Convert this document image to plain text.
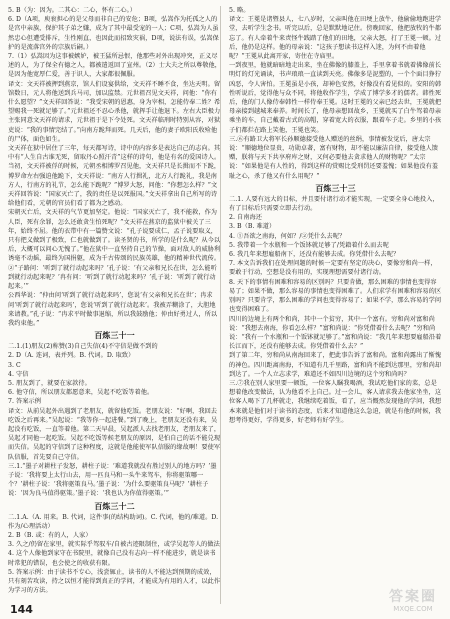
5. B（为：因为。二其心：二心，怀有二心。）

6. D（A项，庾衮担心的是父母而非自己的安危；B项，弘嵩作为托孤之人的是宫中亲族，保护其子弟之嫌，成为了其中最受宠的一人；C项，弘嵩为人虽然忠心但遭受排斥，生性刚直，也因此而招致灾祸，D项，说法有误，弘嵩保护的是流落宫外的宗族后嗣。）

7.（1）弘嵩因为这事被嫉妒，被王猛所忌恨，他那些对外出现冲突，正义尽述的人，为了保全有德之人，都被遣返回了宣州。（2）士大夫之所以尊敬他，是因为他宽厚仁爱，善于识人，大家都很佩服。

译文：文天祥被押到燕京，馆人们设宴供给，文天祥不睡不食，坐达天明。留馆数日，元人将他送到兵马司，加以监禁。元世祖召见文天祥，问他：“你有什么愿望？”文天祥回答说：“我受宋朝的恩惠，身为宰相，怎能侍奉二姓？希望赐我一死就足够了。”元世祖还不忍心杀他，就挥手让他退下。左右大臣极力主张同意文天祥的请求，元世祖于是下令处死。文天祥临刑时特别从容，对狱吏说：“我的事情完结了。”向南方跪拜而死。几天后，他的妻子欧阳氏收殓他的尸体，面色如生。

文天祥在狱中居住了三年，每天都写诗，诗中的内容多是表达自己的志向。其中有“人生自古谁无死，留取丹心照汗青”这样的诗句，他是有名的爱国诗人。当初，文天祥被俘的时候，元朝丞相博罗召见他，文天祥只是长揖而不下跪，博罗命左右强迫他跪下，文天祥说：“南方人行揖礼，北方人行跪礼，我是南方人，行南方的礼节，怎么能下跪呢？”博罗大怒，问他：“你想怎么样？”文天祥回答说：“国家灭亡了，我的责任是以死报国。”文天祥拿出自己所写的诗给他们看，元朝的官员们看了都为之感动。

宋朝灭亡后，文天祥的气节更加坚定。他说：“国家灭亡了，我不能救，作为人臣，死有余罪，怎么还敢贪生怕死呢？”文天祥在燕京的监狱中被关了三年，始终不屈。他的衣带中有一篇赞文说：“孔子说要成仁，孟子说要取义，只有把义做到了极致，仁也就做到了。读圣贤的书，所学的是什么呢？从今以后，大概可以问心无愧了。”他在狱中一直坚持自己的节操，面对敌人的威胁利诱毫不动摇，最终为国捐躯，成为千古传颂的民族英雄，他的精神世代流传。

②“子路问：‘听到了就行动起来吗？’孔子说：‘有父亲和兄长在世，怎么能听到就行动起来呢？’冉有问：‘听到了就行动起来吗？’孔子说：‘听到了就行动起来。’”

公西华说：“仲由问‘听到了就行动起来吗’，您说‘有父亲和兄长在世’；冉求问‘听到了就行动起来吗’，您说‘听到了就行动起来’。我被弄糊涂了，大胆地来请教。”孔子说：“冉求平时做事退缩，所以我鼓励他；仲由好勇过人，所以我约束他。”

百炼三十一

二.1.(1)朋友(2)称赞(3)自己失信(4)不守信是做不到的

2. D（A. 连词，表并列。B. 代词。D. 取致）

3. C

4. 守信

5. 朋友到了，就要在家款待。

6. 他守信，所以朋友都愿意来，吴起不吃饭等着他。

7. 答案示例

译文：从前吴起外出遇到了老朋友，就留他吃饭。老朋友说：“好啊，我回去吃饭之后再来。”吴起说：“我等你一起进餐。”到了晚上，老朋友还没有来，吴起没有吃饭，一直等着他。第二天早晨，吴起派人去找老朋友，老朋友来了，吴起才同他一起吃饭。吴起不吃饭等候老朋友的原因，是怕自己的话不能兑现而失信。吴起的守信到了这种程度，这就是他能使军队信服的缘故啊！要使军队信服，首先要自己守信。

三.1.“墨子对耕柱子发怒，耕柱子说：‘难道我就没有胜过别人的地方吗？’墨子说：‘我将要上太行山去，用一匹良马和一头牛来驾车，你将驱策哪一个？’耕柱子说：‘我将驱策良马。’墨子说：‘为什么要驱策良马呢？’耕柱子说：‘因为良马值得驱策。’墨子说：‘我也认为你值得驱策。’”

百炼三十二

二.1.A.（A. 用来。B. 代词，这件事(的结构助词)。C. 代词，他的/难道。D. 作为/心理活动）

2. B（B. 或：有的人，人家）

3. 久之/仍留在家里，就实际乎驾驭车/自被古迹限制住，或学吴起等人的做法

4. 这个人像他到家守在书院里，就像自己没有志向一样不能进步，就是读书时常犯的错误，也会使之的收获有限。

5. 答案示例：由于读书不专心，浅尝辄止，读书的人不能达到预期的成效，只有刻苦攻读，持之以恒才能得到真正的学问，才能成为有用的人才，以此作为学习的方法。

5. 略。

译文：王冕是诸暨县人，七八岁时，父亲叫他在田埂上放牛，他偷偷地跑进学堂，去听学生念书。听完以后，总是默默地记住。傍晚回家，他把放牧的牛都忘了。有人牵着牛来责怪牛践踏了他们的田地，父亲大怒，打了王冕一顿。过后，他仍是这样。他的母亲说：“这孩子想读书这样入迷，为何不由着他呢？”王冕从此离开家，寄住在寺庙里。

一到夜里，他就暗暗地走出来，坐在佛像的膝盖上，手里拿着书就着佛像前长明灯的灯光诵读，书声琅琅一直读到天亮。佛像多是泥塑的，一个个面目狰狞凶恶，令人害怕。王冕虽是小孩，却神色安然，好像没有看见似的。安阳的韩性听说后，觉得他与众不同，将他收作学生，学成了博学多才的儒者。韩性死后，他的门人像侍奉韩性一样侍奉王冕。这时王冕的父亲已经去世，王冕就把母亲接到越城来奉养。时间长了，他母亲想回故乡，王冕就买了白牛驾着母亲乘坐的车，自己戴着古式的高帽，穿着宽大的衣服，跟着车子走。乡里的小孩子们都拦在路上笑他，王冕也笑。

三.⑥有路卫大将军长孙顺德接受他人赠送的丝绢，事情被发觉后，唐太宗说：“顺德地位显贵，功勋卓著，富有财物，却不能以廉洁自律，接受他人馈赠，朕将与天下共享府库之财，又何必要他去贪求他人的财物呢？”太宗说：“如果他是有人性的，得到这样的赏赐比受刑罚还要羞愧；如果他没有羞耻之心，杀了他又有什么用呢？”

百炼三十三

二.1. 人要有远大的目标，并且要付诸行动才能实现，一定要全身心地投入，有了目标后只需要立即去行动。

2. 自南海还

3. B（B. 难道）

4. ①吾欲之南海，何如？/②凭什么去呢？

5. 我带着一个水瓶和一个饭钵就足够了/凭籍着什么而去呢

6. 我几年来想雇船南下，还没有能够去成。你凭借什么去呢？

7. 本文告诉我们在处理问题的时候一定要有坚定的决心，要像穷和尚一样，要敢于行动，空想是没有用的，实现理想需要付诸行动。

8. 天下的事情有困难和容易的区别吗？只要肯做，那么困难的事情也变得容易了；如果不做，那么容易的事情也变得困难了。人们求学有困难和容易的区别吗？只要肯学，那么困难的学问也变得容易了；如果不学，那么容易的学问也变得困难了。

四川的边境上有两个和尚，其中一个贫穷，其中一个富有。穷和尚对富和尚说：“我想去南海，你看怎么样？”富和尚说：“你凭借着什么去呢？”穷和尚说：“我有一个水瓶和一个饭钵就足够了。”富和尚说：“我几年来想要雇船沿着长江而下，还没有能够去成。你凭借着什么去？”

到了第二年，穷和尚从南海回来了，把此事告诉了富和尚。富和尚露出了惭愧的神色。四川距离南海，不知道有几千里路，富和尚不能到达那里，穷和尚却到达了。一个人立志求学，难道还不如四川边境的这个穷和尚吗？

三.⑦我在别人家里要一顿饭，一位客人瞩我喝酒，我试吃他们家的菜，总是想着他改变做法，认为他看不上自己。过一会儿，客人请求我去他家坐坐，这位客人喝下了几杯就走，我继续吃着饭，看了，应当慨然发现他的学问，我想本来就是他们对于读书的态度，后来才知道他这么急迫，就是有他的时候，我想考得更好，学得更多，好老师有好学生。

144
答案圈
MXQE.COM
